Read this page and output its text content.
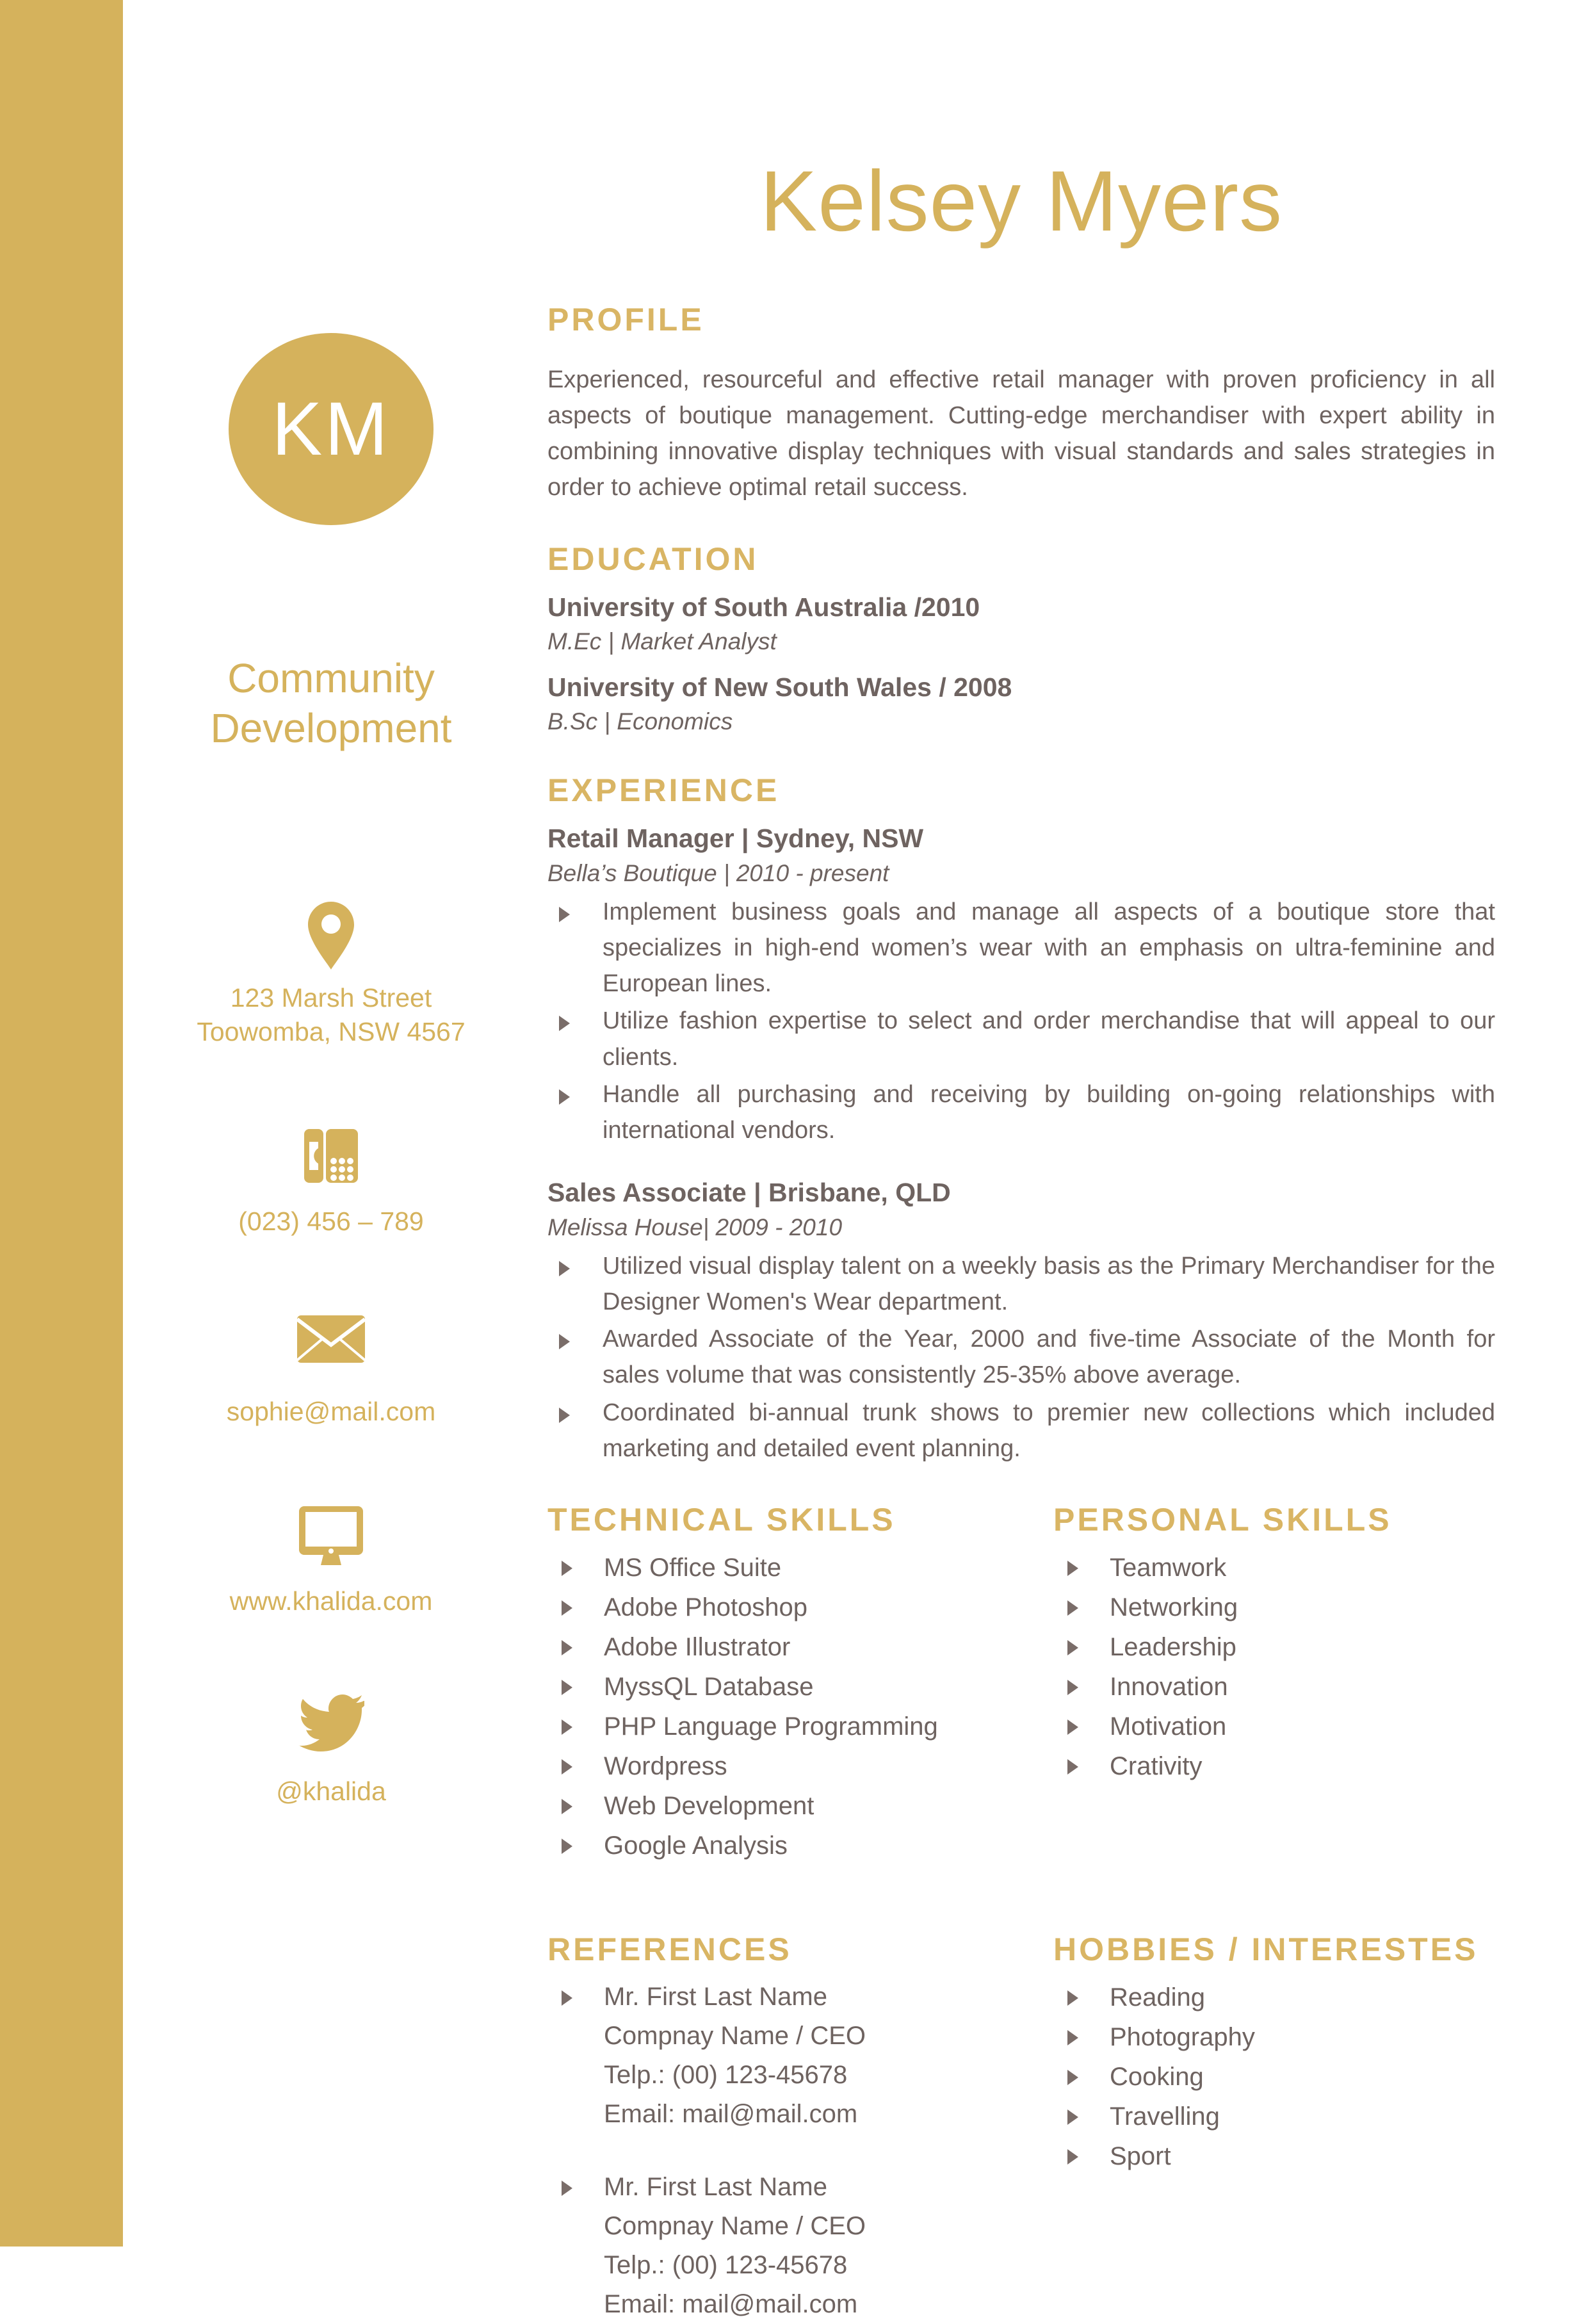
KM
Community Development
123 Marsh Street
Toowomba, NSW 4567
(023) 456 – 789
sophie@mail.com
www.khalida.com
@khalida
Kelsey Myers
PROFILE

Experienced, resourceful and effective retail manager with proven proficiency in all aspects of boutique management. Cutting-edge merchandiser with expert ability in combining innovative display techniques with visual standards and sales strategies in order to achieve optimal retail success.

EDUCATION
University of South Australia /2010
M.Ec | Market Analyst
University of New South Wales / 2008
B.Sc | Economics
EXPERIENCE
Retail Manager | Sydney, NSW
Bella’s Boutique | 2010 - present
Implement business goals and manage all aspects of a boutique store that specializes in high-end women’s wear with an emphasis on ultra-feminine and European lines.
Utilize fashion expertise to select and order merchandise that will appeal to our clients.
Handle all purchasing and receiving by building on-going relationships with international vendors.
Sales Associate | Brisbane, QLD
Melissa House| 2009 - 2010
Utilized visual display talent on a weekly basis as the Primary Merchandiser for the Designer Women's Wear department.
Awarded Associate of the Year, 2000 and five-time Associate of the Month for sales volume that was consistently 25-35% above average.
Coordinated bi-annual trunk shows to premier new collections which included marketing and detailed event planning.
TECHNICAL SKILLS
MS Office Suite
Adobe Photoshop
Adobe Illustrator
MyssQL Database
PHP Language Programming
Wordpress
Web Development
Google Analysis
PERSONAL SKILLS
Teamwork
Networking
Leadership
Innovation
Motivation
Crativity
REFERENCES
Mr. First Last Name
Compnay Name / CEO
Telp.: (00) 123-45678
Email: mail@mail.com
Mr. First Last Name
Compnay Name / CEO
Telp.: (00) 123-45678
Email: mail@mail.com
HOBBIES / INTERESTES
Reading
Photography
Cooking
Travelling
Sport
